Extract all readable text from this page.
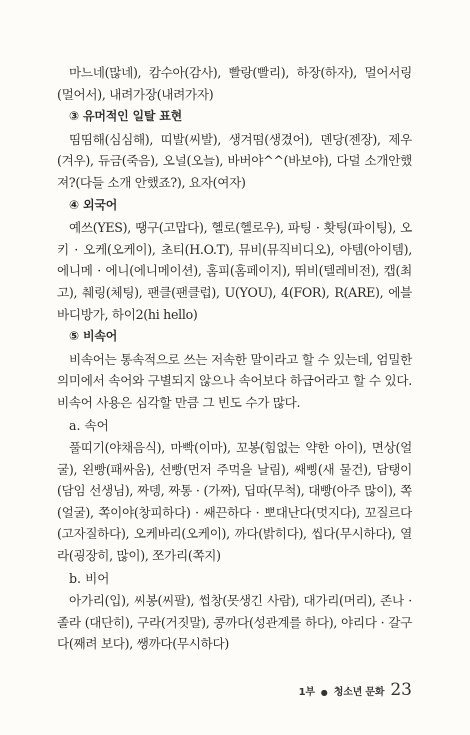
마느네(많네), 캄수아(감사), 빨랑(빨리), 하장(하자), 멀어서링(멀어서), 내려가장(내려가자)
③ 유머적인 일탈 표현
띰띰해(심심해), 띠발(씨발), 생겨떰(생겼어), 뎬당(젠장), 제우(겨우), 듀금(죽음), 오널(오늘), 바버야^^(바보야), 다덜 소개안했져?(다들 소개 안했죠?), 요자(여자)
④ 외국어
예쓰(YES), 땡구(고맙다), 헬로(헬로우), 파팅 · 홧팅(파이팅), 오키 · 오케(오케이), 초티(H.O.T), 뮤비(뮤직비디오), 아템(아이템), 에니메 · 에니(에니메이션), 홈피(홈페이지), 뛰비(텔레비전), 캡(최고), 췌링(체팅), 팬클(팬클럽), U(YOU), 4(FOR), R(ARE), 에블바디방가, 하이2(hi hello)
⑤ 비속어
비속어는 통속적으로 쓰는 저속한 말이라고 할 수 있는데, 엄밀한 의미에서 속어와 구별되지 않으나 속어보다 하급어라고 할 수 있다. 비속어 사용은 심각할 만큼 그 빈도 수가 많다.
a. 속어
풀띠기(야채음식), 마빡(이마), 꼬봉(힘없는 약한 아이), 면상(얼굴), 왼빵(패싸움), 선빵(먼저 주먹을 날림), 쌔삥(새 물건), 담탱이(담임 선생님), 짜뎅, 짜통 · (가짜), 딥따(무척), 대빵(아주 많이), 쪽(얼굴), 쪽이야(창피하다) · 쌔끈하다 · 뽀대난다(멋지다), 꼬질르다(고자질하다), 오케바리(오케이), 까다(밝히다), 씹다(무시하다), 열라(굉장히, 많이), 쪼가리(쪽지)
b. 비어
아가리(입), 씨봉(씨팔), 썹창(못생긴 사람), 대가리(머리), 존나 · 졸라 (대단히), 구라(거짓말), 콩까다(성관계를 하다), 야리다 · 갈구다(째려 보다), 쌩까다(무시하다)
1부 ● 청소년 문화 23
